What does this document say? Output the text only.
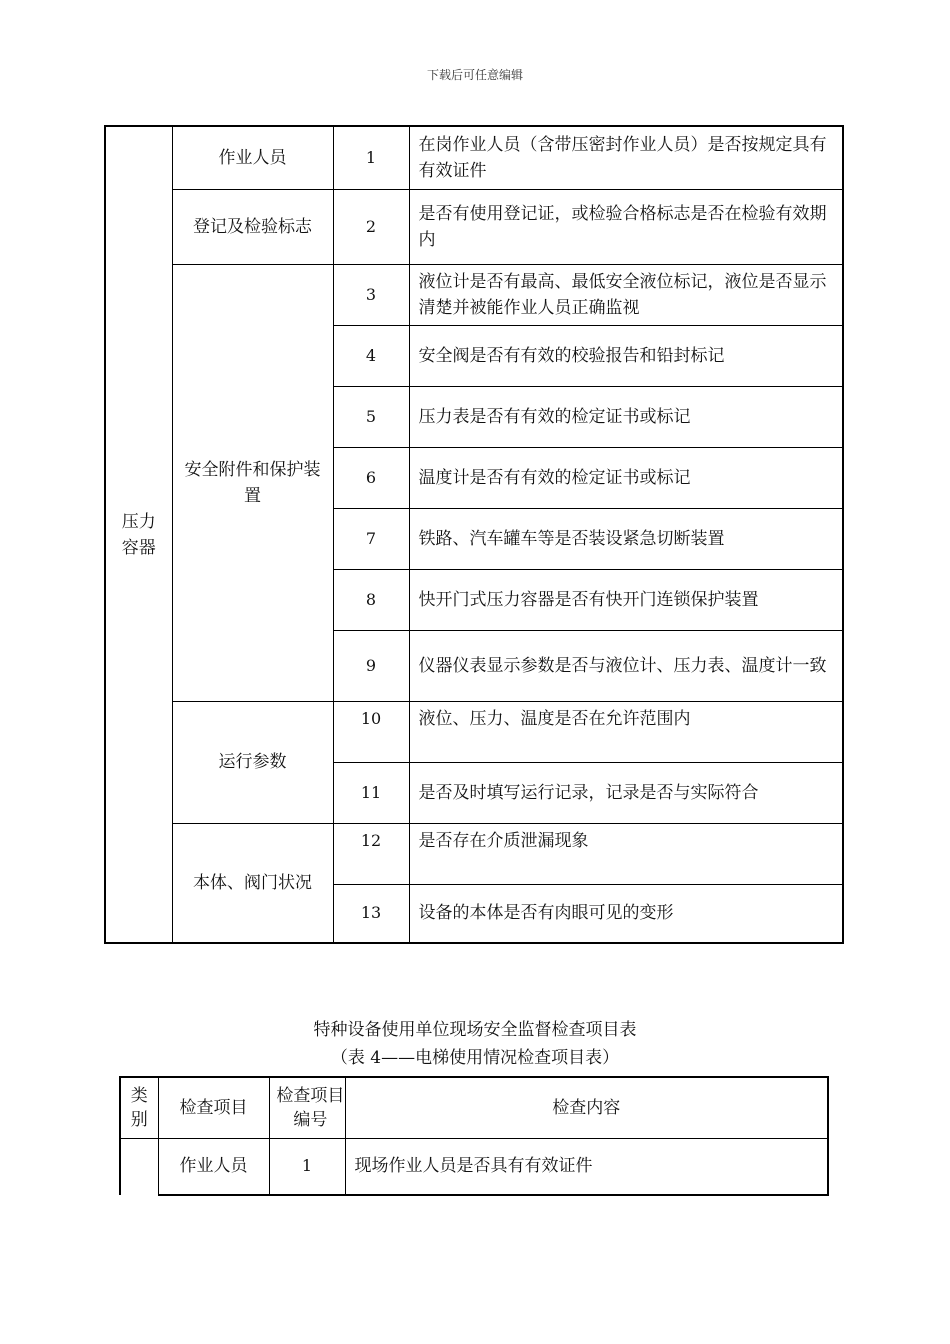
下载后可任意编辑
压力容器	作业人员	1	在岗作业人员（含带压密封作业人员）是否按规定具有有效证件
	登记及检验标志	2	是否有使用登记证，或检验合格标志是否在检验有效期内
	安全附件和保护装置	3	液位计是否有最高、最低安全液位标记，液位是否显示清楚并被能作业人员正确监视
		4	安全阀是否有有效的校验报告和铅封标记
		5	压力表是否有有效的检定证书或标记
		6	温度计是否有有效的检定证书或标记
		7	铁路、汽车罐车等是否装设紧急切断装置
		8	快开门式压力容器是否有快开门连锁保护装置
		9	仪器仪表显示参数是否与液位计、压力表、温度计一致
	运行参数	10	液位、压力、温度是否在允许范围内
		11	是否及时填写运行记录，记录是否与实际符合
	本体、阀门状况	12	是否存在介质泄漏现象
		13	设备的本体是否有肉眼可见的变形
特种设备使用单位现场安全监督检查项目表
（表 4——电梯使用情况检查项目表）
类别	检查项目	检查项目编号	检查内容
	作业人员	1	现场作业人员是否具有有效证件
